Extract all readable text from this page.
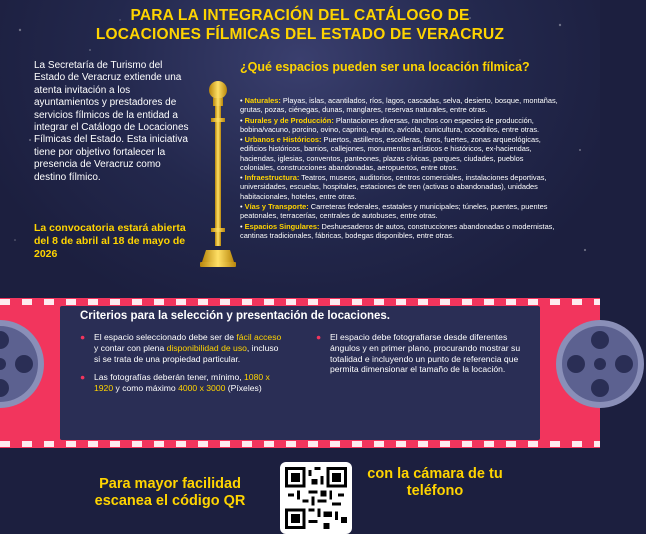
PARA LA INTEGRACIÓN DEL CATÁLOGO DE
LOCACIONES FÍLMICAS DEL ESTADO DE VERACRUZ

La Secretaría de Turismo del Estado de Veracruz extiende una atenta invitación a los ayuntamientos y prestadores de servicios fílmicos de la entidad a integrar el Catálogo de Locaciones Fílmicas del Estado. Esta iniciativa tiene por objetivo fortalecer la presencia de Veracruz como destino fílmico.

La convocatoria estará abierta del 8 de abril al 18 de mayo de 2026

¿Qué espacios pueden ser una locación fílmica?
• Naturales: Playas, islas, acantilados, ríos, lagos, cascadas, selva, desierto, bosque, montañas, grutas, pozas, ciénegas, dunas, manglares, reservas naturales, entre otras.
• Rurales y de Producción: Plantaciones diversas, ranchos con especies de producción, bobina/vacuno, porcino, ovino, caprino, equino, avícola, cunicultura, cocodrilos, entre otras.
• Urbanos e Históricos: Puertos, astilleros, escolleras, faros, fuertes, zonas arqueológicas, edificios históricos, barrios, callejones, monumentos artísticos e históricos, ex-haciendas, haciendas, iglesias, conventos, panteones, plazas cívicas, parques, ciudades, pueblos coloniales, construcciones abandonadas, aeropuertos, entre otros.
• Infraestructura: Teatros, museos, auditorios, centros comerciales, instalaciones deportivas, universidades, escuelas, hospitales, estaciones de tren (activas o abandonadas), unidades habitacionales, hoteles, entre otras.
• Vías y Transporte: Carreteras federales, estatales y municipales; túneles, puentes, puentes peatonales, terracerías, centrales de autobuses, entre otras.
• Espacios Singulares: Deshuesaderos de autos, construcciones abandonadas o modernistas, cantinas tradicionales, fábricas, bodegas disponibles, entre otras.
Criterios para la selección y presentación de locaciones.
● El espacio seleccionado debe ser de fácil acceso y contar con plena disponibilidad de uso, incluso si se trata de una propiedad particular.
● Las fotografías deberán tener, mínimo, 1080 x 1920 y como máximo 4000 x 3000 (Píxeles)
● El espacio debe fotografiarse desde diferentes ángulos y en primer plano, procurando mostrar su totalidad e incluyendo un punto de referencia que permita dimensionar el tamaño de la locación.
Para mayor facilidad escanea el código QR
con la cámara de tu teléfono
